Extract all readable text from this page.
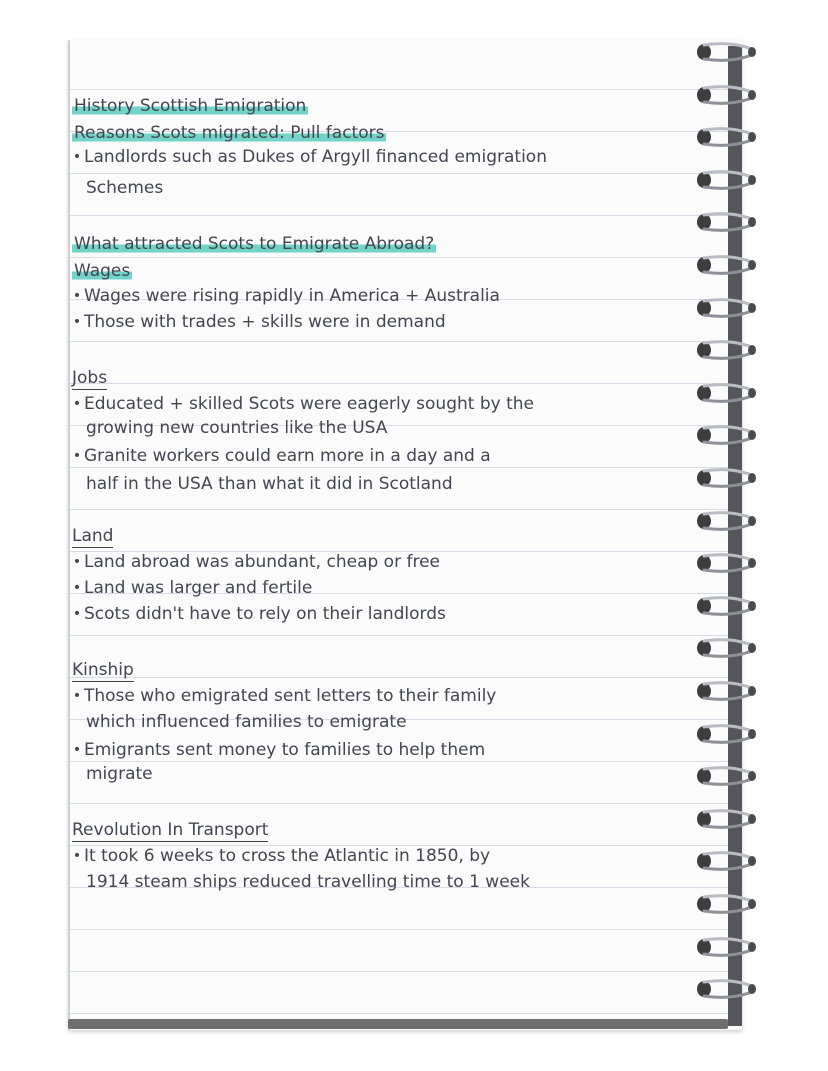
History Scottish Emigration
Reasons Scots migrated: Pull factors
• Landlords such as Dukes of Argyll financed emigration
Schemes
What attracted Scots to Emigrate Abroad?
Wages
• Wages were rising rapidly in America + Australia
• Those with trades + skills were in demand
Jobs
• Educated + skilled Scots were eagerly sought by the
growing new countries like the USA
• Granite workers could earn more in a day and a
half in the USA than what it did in Scotland
Land
• Land abroad was abundant, cheap or free
• Land was larger and fertile
• Scots didn't have to rely on their landlords
Kinship
• Those who emigrated sent letters to their family
which influenced families to emigrate
• Emigrants sent money to families to help them
migrate
Revolution In Transport
• It took 6 weeks to cross the Atlantic in 1850, by
1914 steam ships reduced travelling time to 1 week
